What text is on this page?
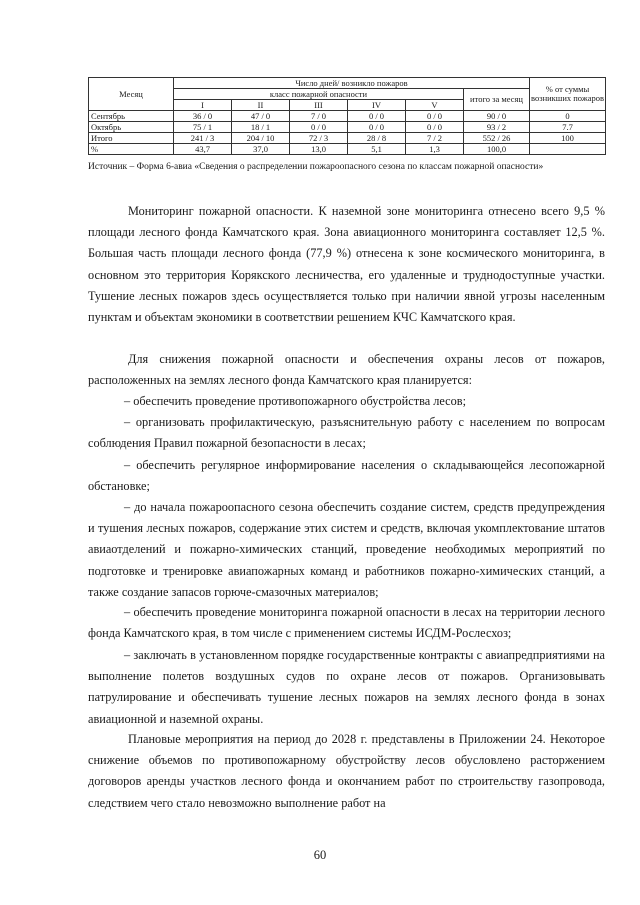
Месяц	Число дней/ возникло пожаров						% от суммы возникших пожаров
	класс пожарной опасности					итого за месяц	
	I	II	III	IV	V		
Сентябрь	36 / 0	47 / 0	7 / 0	0 / 0	0 / 0	90 / 0	0
Октябрь	75 / 1	18 / 1	0 / 0	0 / 0	0 / 0	93 / 2	7.7
Итого	241 / 3	204 / 10	72 / 3	28 / 8	7 / 2	552 / 26	100
%	43,7	37,0	13,0	5,1	1,3	100,0	
Источник – Форма 6-авиа «Сведения о распределении пожароопасного сезона по классам пожарной опасности»

Мониторинг пожарной опасности. К наземной зоне мониторинга отнесено всего 9,5 % площади лесного фонда Камчатского края. Зона авиационного мониторинга составляет 12,5 %. Большая часть площади лесного фонда (77,9 %) отнесена к зоне космического мониторинга, в основном это территория Корякского лесничества, его удаленные и труднодоступные участки. Тушение лесных пожаров здесь осуществляется только при наличии явной угрозы населенным пунктам и объектам экономики в соответствии решением КЧС Камчатского края.

Для снижения пожарной опасности и обеспечения охраны лесов от пожаров, расположенных на землях лесного фонда Камчатского края планируется:

– обеспечить проведение противопожарного обустройства лесов;

– организовать профилактическую, разъяснительную работу с населением по вопросам соблюдения Правил пожарной безопасности в лесах;

– обеспечить регулярное информирование населения о складывающейся лесопожарной обстановке;

– до начала пожароопасного сезона обеспечить создание систем, средств предупреждения и тушения лесных пожаров, содержание этих систем и средств, включая укомплектование штатов авиаотделений и пожарно-химических станций, проведение необходимых мероприятий по подготовке и тренировке авиапожарных команд и работников пожарно-химических станций, а также создание запасов горюче-смазочных материалов;

– обеспечить проведение мониторинга пожарной опасности в лесах на территории лесного фонда Камчатского края, в том числе с применением системы ИСДМ-Рослесхоз;

– заключать в установленном порядке государственные контракты с авиапредприятиями на выполнение полетов воздушных судов по охране лесов от пожаров. Организовывать патрулирование и обеспечивать тушение лесных пожаров на землях лесного фонда в зонах авиационной и наземной охраны.

Плановые мероприятия на период до 2028 г. представлены в Приложении 24. Некоторое снижение объемов по противопожарному обустройству лесов обусловлено расторжением договоров аренды участков лесного фонда и окончанием работ по строительству газопровода, следствием чего стало невозможно выполнение работ на

60
